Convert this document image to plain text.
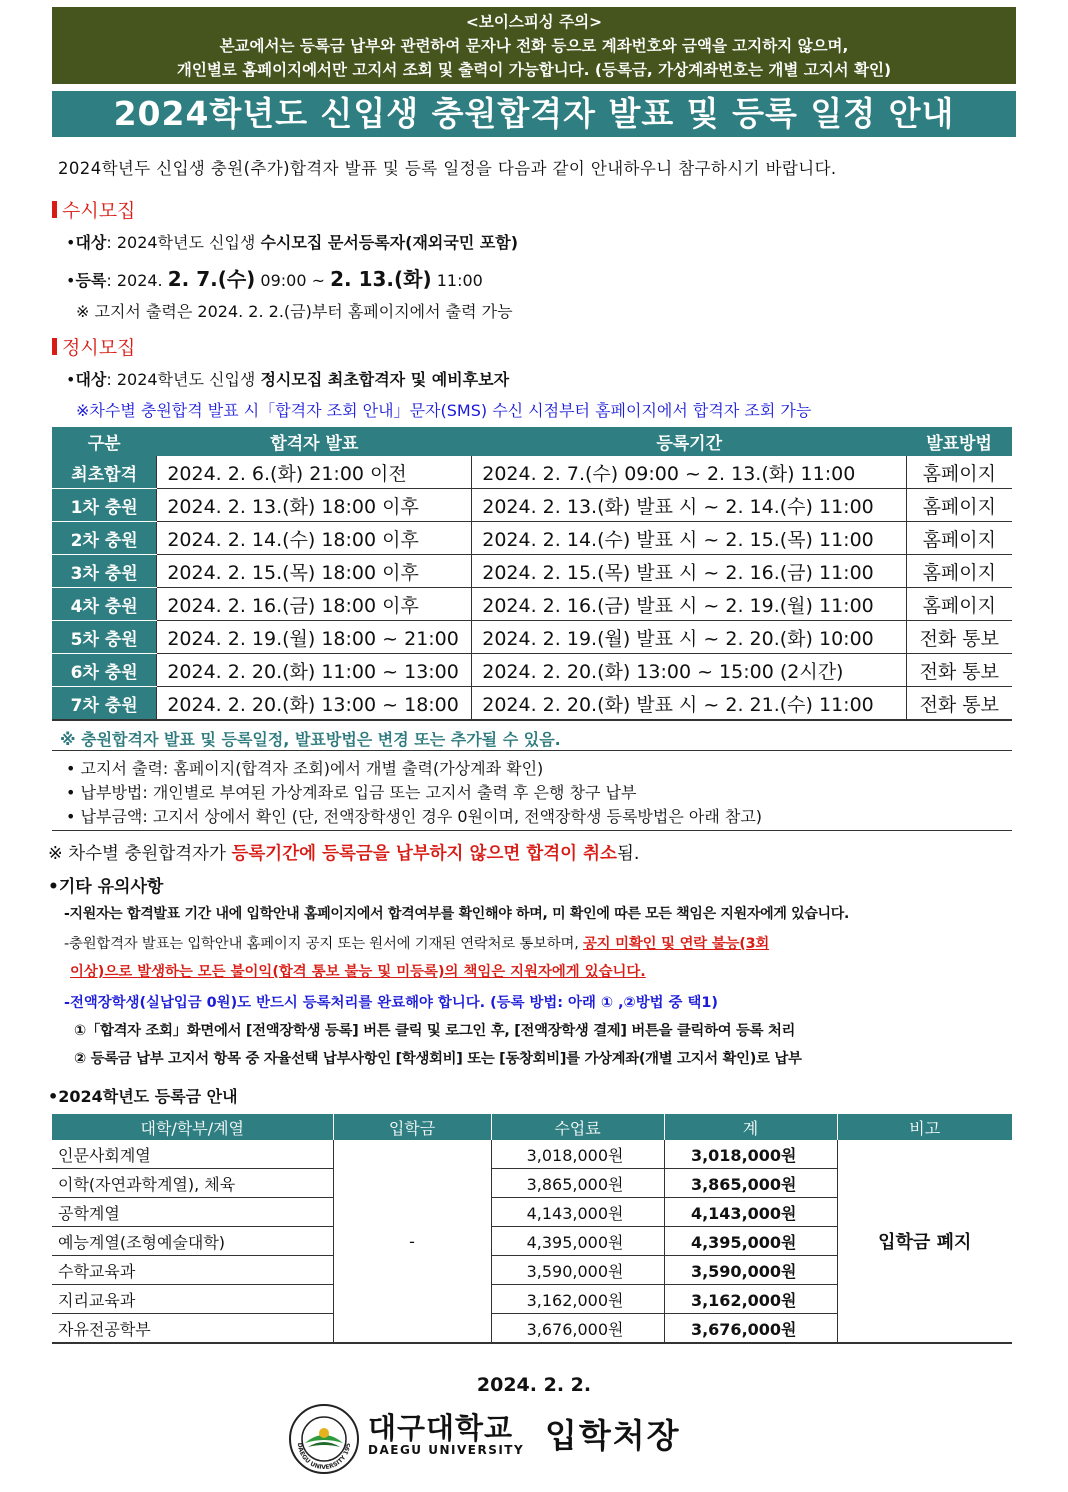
<보이스피싱 주의>
본교에서는 등록금 납부와 관련하여 문자나 전화 등으로 계좌번호와 금액을 고지하지 않으며,
개인별로 홈페이지에서만 고지서 조회 및 출력이 가능합니다. (등록금, 가상계좌번호는 개별 고지서 확인)
2024학년도 신입생 충원합격자 발표 및 등록 일정 안내
2024학년두 신입생 충원(추가)합격자 발퓨 및 등록 일정을 다음과 같이 안내하우니 참구하시기 바랍니다.
수시모집
•대상: 2024학년도 신입생 수시모집 문서등록자(재외국민 포함)
•등록: 2024. 2. 7.(수) 09:00 ~ 2. 13.(화) 11:00
※ 고지서 출력은 2024. 2. 2.(금)부터 홈페이지에서 출력 가능
정시모집
•대상: 2024학년도 신입생 정시모집 최초합격자 및 예비후보자
※차수별 충원합격 발표 시「합격자 조회 안내」문자(SMS) 수신 시점부터 홈페이지에서 합격자 조회 가능
구분	합격자 발표	등록기간	발표방법
최초합격	2024. 2. 6.(화) 21:00 이전	2024. 2. 7.(수) 09:00 ~ 2. 13.(화) 11:00	홈페이지
1차 충원	2024. 2. 13.(화) 18:00 이후	2024. 2. 13.(화) 발표 시 ~ 2. 14.(수) 11:00	홈페이지
2차 충원	2024. 2. 14.(수) 18:00 이후	2024. 2. 14.(수) 발표 시 ~ 2. 15.(목) 11:00	홈페이지
3차 충원	2024. 2. 15.(목) 18:00 이후	2024. 2. 15.(목) 발표 시 ~ 2. 16.(금) 11:00	홈페이지
4차 충원	2024. 2. 16.(금) 18:00 이후	2024. 2. 16.(금) 발표 시 ~ 2. 19.(월) 11:00	홈페이지
5차 충원	2024. 2. 19.(월) 18:00 ~ 21:00	2024. 2. 19.(월) 발표 시 ~ 2. 20.(화) 10:00	전화 통보
6차 충원	2024. 2. 20.(화) 11:00 ~ 13:00	2024. 2. 20.(화) 13:00 ~ 15:00 (2시간)	전화 통보
7차 충원	2024. 2. 20.(화) 13:00 ~ 18:00	2024. 2. 20.(화) 발표 시 ~ 2. 21.(수) 11:00	전화 통보
※ 충원합격자 발표 및 등록일정, 발표방법은 변경 또는 추가될 수 있음.
• 고지서 출력: 홈페이지(합격자 조회)에서 개별 출력(가상계좌 확인)
• 납부방법: 개인별로 부여된 가상계좌로 입금 또는 고지서 출력 후 은행 창구 납부
• 납부금액: 고지서 상에서 확인 (단, 전액장학생인 경우 0원이며, 전액장학생 등록방법은 아래 참고)
※ 차수별 충원합격자가 등록기간에 등록금을 납부하지 않으면 합격이 취소됨.
•기타 유의사항
-지원자는 합격발표 기간 내에 입학안내 홈페이지에서 합격여부를 확인해야 하며, 미 확인에 따른 모든 책임은 지원자에게 있습니다.
-충원합격자 발표는 입학안내 홈페이지 공지 또는 원서에 기재된 연락처로 통보하며, 공지 미확인 및 연락 불능(3회
이상)으로 발생하는 모든 불이익(합격 통보 불능 및 미등록)의 책임은 지원자에게 있습니다.
-전액장학생(실납입금 0원)도 반드시 등록처리를 완료해야 합니다. (등록 방법: 아래 ① ,②방법 중 택1)
①「합격자 조회」화면에서 [전액장학생 등록] 버튼 클릭 및 로그인 후, [전액장학생 결제] 버튼을 클릭하여 등록 처리
② 등록금 납부 고지서 항목 중 자율선택 납부사항인 [학생회비] 또는 [동창회비]를 가상계좌(개별 고지서 확인)로 납부
•2024학년도 등록금 안내
대학/학부/계열	입학금	수업료	계	비고
인문사회계열	-	3,018,000원	3,018,000원	입학금 폐지
이학(자연과학계열), 체육		3,865,000원	3,865,000원	
공학계열		4,143,000원	4,143,000원	
예능계열(조형예술대학)		4,395,000원	4,395,000원	
수학교육과		3,590,000원	3,590,000원	
지리교육과		3,162,000원	3,162,000원	
자유전공학부		3,676,000원	3,676,000원	
2024. 2. 2.
DAEGU UNIVERSITY 195
대구대학교
DAEGU UNIVERSITY 입학처장
